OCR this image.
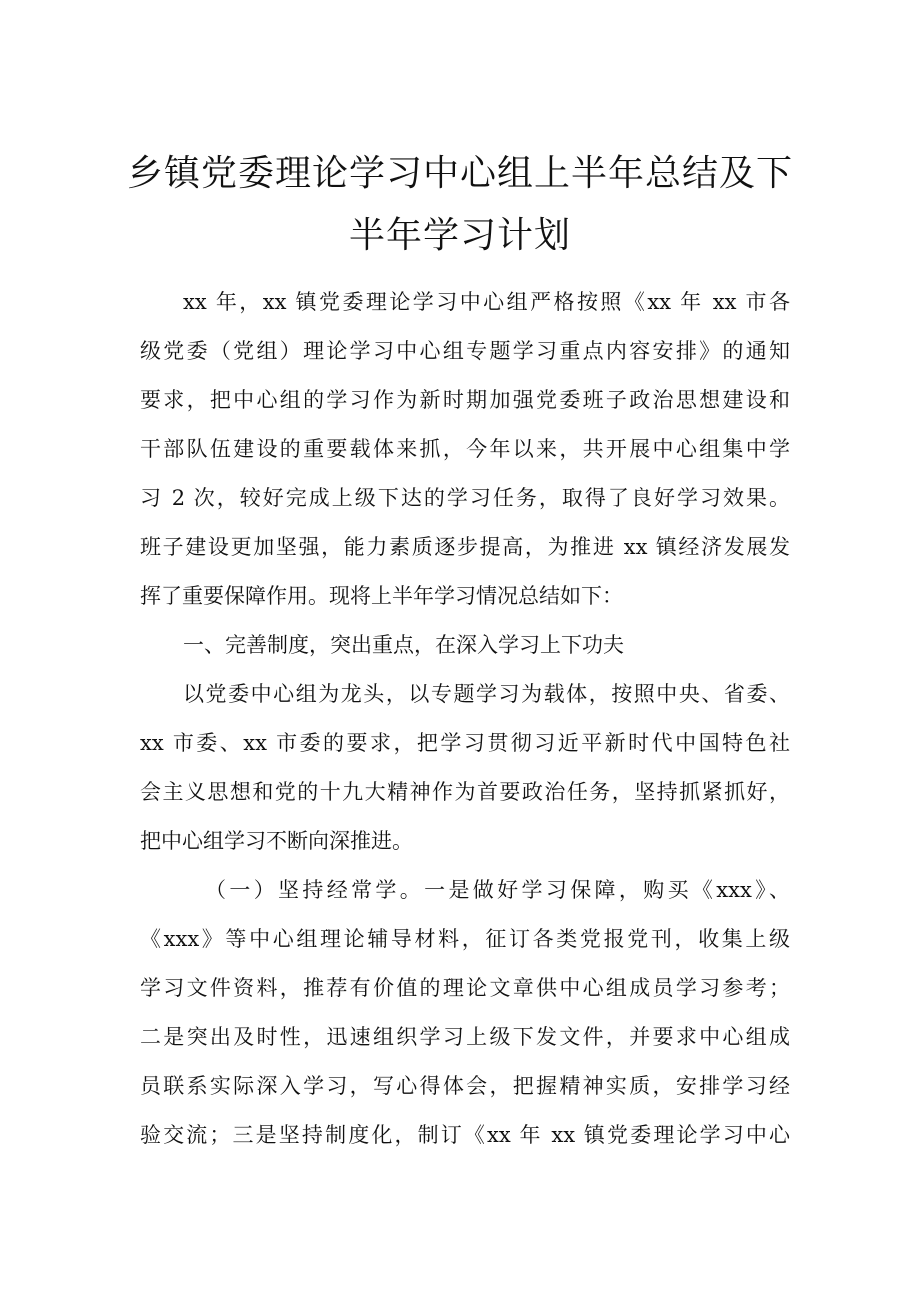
乡镇党委理论学习中心组上半年总结及下
半年学习计划
xx 年，xx 镇党委理论学习中心组严格按照《xx 年 xx 市各
级党委（党组）理论学习中心组专题学习重点内容安排》的通知
要求，把中心组的学习作为新时期加强党委班子政治思想建设和
干部队伍建设的重要载体来抓，今年以来，共开展中心组集中学
习 2 次，较好完成上级下达的学习任务，取得了良好学习效果。
班子建设更加坚强，能力素质逐步提高，为推进 xx 镇经济发展发
挥了重要保障作用。现将上半年学习情况总结如下：
一、完善制度，突出重点，在深入学习上下功夫
以党委中心组为龙头，以专题学习为载体，按照中央、省委、
xx 市委、xx 市委的要求，把学习贯彻习近平新时代中国特色社
会主义思想和党的十九大精神作为首要政治任务，坚持抓紧抓好，
把中心组学习不断向深推进。
（一）坚持经常学。一是做好学习保障，购买《xxx》、
《xxx》等中心组理论辅导材料，征订各类党报党刊，收集上级
学习文件资料，推荐有价值的理论文章供中心组成员学习参考；
二是突出及时性，迅速组织学习上级下发文件，并要求中心组成
员联系实际深入学习，写心得体会，把握精神实质，安排学习经
验交流；三是坚持制度化，制订《xx 年 xx 镇党委理论学习中心
